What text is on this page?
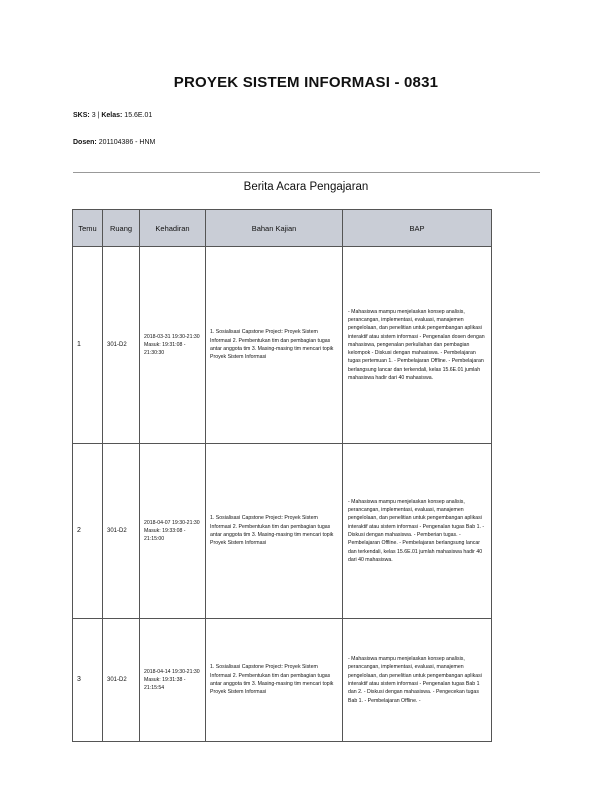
PROYEK SISTEM INFORMASI - 0831
SKS: 3 | Kelas: 15.6E.01
Dosen: 201104386 - HNM
Berita Acara Pengajaran
Temu	Ruang	Kehadiran	Bahan Kajian	BAP
1	301-D2	2018-03-31 19:30-21:30 Masuk: 19:31:08 - 21:30:30	1. Sosialisasi Capstone Project: Proyek Sistem Informasi 2. Pembentukan tim dan pembagian tugas antar anggota tim 3. Masing-masing tim mencari topik Proyek Sistem Informasi	- Mahasiswa mampu menjelaskan konsep analisis, perancangan, implementasi, evaluasi, manajemen pengelolaan, dan penelitian untuk pengembangan aplikasi interaktif atau sistem informasi - Pengenalan dosen dengan mahasiswa, pengenalan perkuliahan dan pembagian kelompok - Diskusi dengan mahasiswa. - Pembelajaran tugas pertemuan 1. - Pembelajaran Offline. - Pembelajaran berlangsung lancar dan terkendali, kelas 15.6E.01 jumlah mahasiswa hadir dari 40 mahasiswa.
2	301-D2	2018-04-07 19:30-21:30 Masuk: 19:33:08 - 21:15:00	1. Sosialisasi Capstone Project: Proyek Sistem Informasi 2. Pembentukan tim dan pembagian tugas antar anggota tim 3. Masing-masing tim mencari topik Proyek Sistem Informasi	- Mahasiswa mampu menjelaskan konsep analisis, perancangan, implementasi, evaluasi, manajemen pengelolaan, dan penelitian untuk pengembangan aplikasi interaktif atau sistem informasi - Pengenalan tugas Bab 1. - Diskusi dengan mahasiswa. - Pemberian tugas. - Pembelajaran Offline. - Pembelajaran berlangsung lancar dan terkendali, kelas 15.6E.01 jumlah mahasiswa hadir 40 dari 40 mahasiswa.
3	301-D2	2018-04-14 19:30-21:30 Masuk: 19:31:38 - 21:15:54	1. Sosialisasi Capstone Project: Proyek Sistem Informasi 2. Pembentukan tim dan pembagian tugas antar anggota tim 3. Masing-masing tim mencari topik Proyek Sistem Informasi	- Mahasiswa mampu menjelaskan konsep analisis, perancangan, implementasi, evaluasi, manajemen pengelolaan, dan penelitian untuk pengembangan aplikasi interaktif atau sistem informasi - Pengenalan tugas Bab 1 dan 2. - Diskusi dengan mahasiswa. - Pengecekan tugas Bab 1. - Pembelajaran Offline. -
